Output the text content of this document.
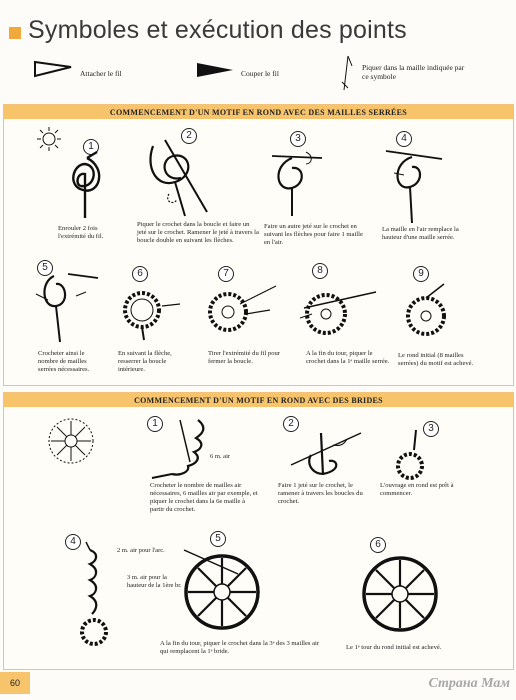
Symboles et exécution des points
Attacher le fil	Couper le fil
Piquer dans la maille indiquée par ce symbole
COMMENCEMENT D'UN MOTIF EN ROND AVEC DES MAILLES SERRÉES
1
2	3	4
Enrouler 2 fois l'extrémité du fil.
Piquer le crochet dans la boucle et faire un jeté sur le crochet. Ramener le jeté à travers la boucle double en suivant les flèches.
Faire un autre jeté sur le crochet en suivant les flèches pour faire 1 maille en l'air.
La maille en l'air remplace la hauteur d'une maille serrée.
5
6	7	8	9
Crocheter ainsi le nombre de mailles serrées nécessaires.
En suivant la flèche, resserrer la boucle intérieure.
Tirer l'extrémité du fil pour fermer la boucle.
A la fin du tour, piquer le crochet dans la 1ᵉ maille serrée.
Le rond initial (8 mailles serrées) du motif est achevé.
COMMENCEMENT D'UN MOTIF EN ROND AVEC DES BRIDES
1	2	3
6 m. air
Crocheter le nombre de mailles air nécessaires, 6 mailles air par exemple, et piquer le crochet dans la 6e maille à partir du crochet.
Faire 1 jeté sur le crochet, le ramener à travers les boucles du crochet.
L'ouvrage en rond est prêt à commencer.
4	5
6
2 m. air pour l'arc.
3 m. air pour la hauteur de la 1ère br.
A la fin du tour, piquer le crochet dans la 3ᵉ des 3 mailles air qui remplacent la 1ᵉ bride.
Le 1ᵉ tour du rond initial est achevé.
60	Страна Мам
